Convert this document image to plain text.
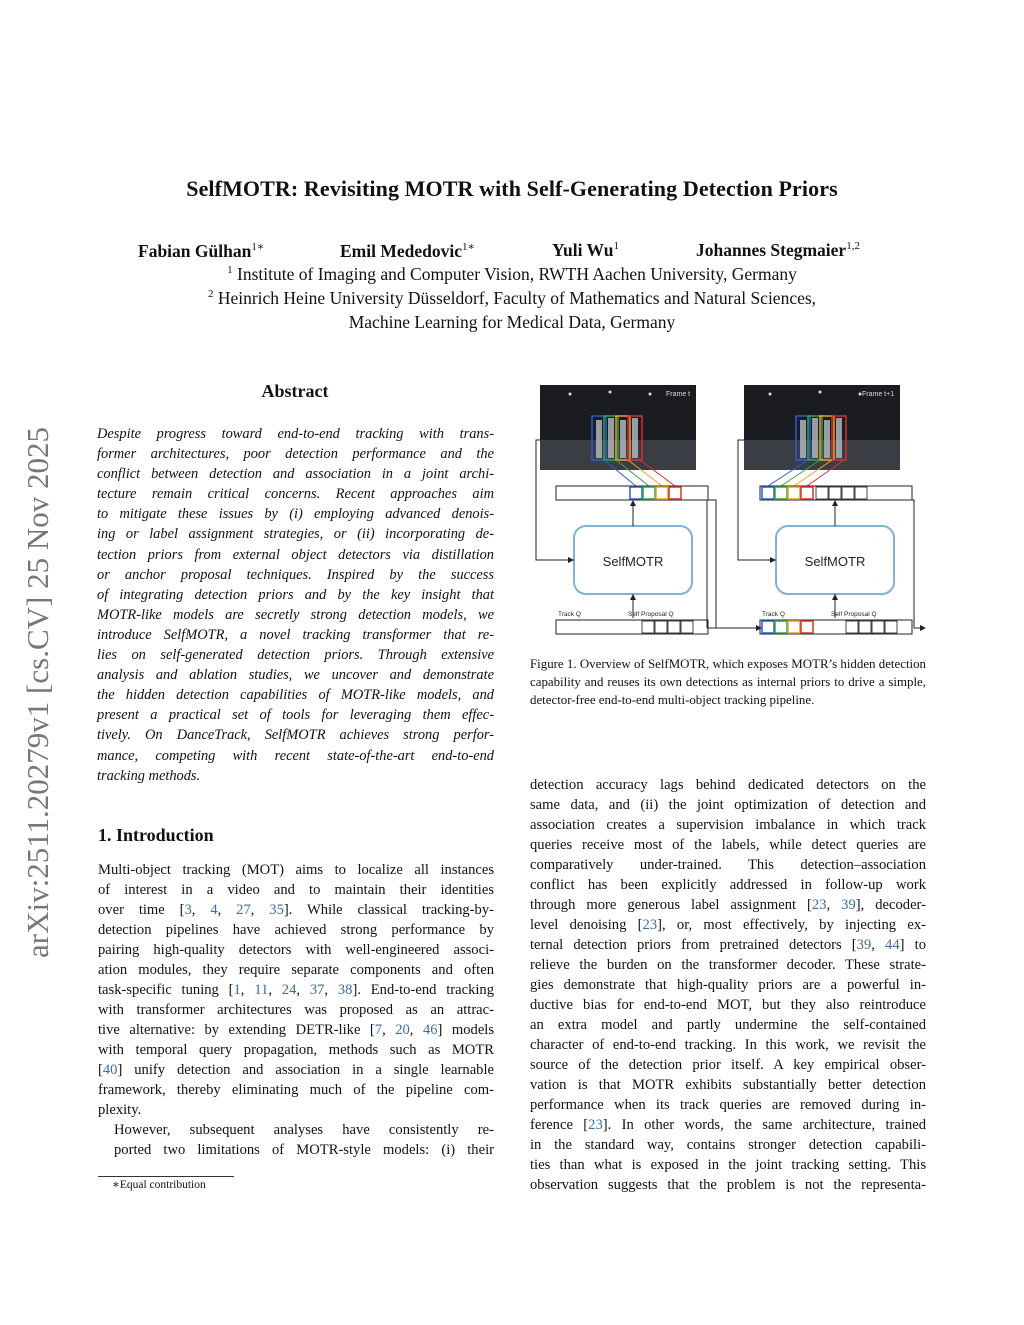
arXiv:2511.20279v1 [cs.CV] 25 Nov 2025
SelfMOTR: Revisiting MOTR with Self-Generating Detection Priors
Fabian Gülhan$^{1∗}$	Emil Mededovic$^{1∗}$	Yuli Wu$^1$	Johannes Stegmaier$^{1,2}$
$^1$ Institute of Imaging and Computer Vision, RWTH Aachen University, Germany
$^2$ Heinrich Heine University Düsseldorf, Faculty of Mathematics and Natural Sciences,
Machine Learning for Medical Data, Germany
Abstract
Despite progress toward end-to-end tracking with trans-
former architectures, poor detection performance and the
conflict between detection and association in a joint archi-
tecture remain critical concerns. Recent approaches aim
to mitigate these issues by (i) employing advanced denois-
ing or label assignment strategies, or (ii) incorporating de-
tection priors from external object detectors via distillation
or anchor proposal techniques. Inspired by the success
of integrating detection priors and by the key insight that
MOTR-like models are secretly strong detection models, we
introduce SelfMOTR, a novel tracking transformer that re-
lies on self-generated detection priors. Through extensive
analysis and ablation studies, we uncover and demonstrate
the hidden detection capabilities of MOTR-like models, and
present a practical set of tools for leveraging them effec-
tively. On DanceTrack, SelfMOTR achieves strong perfor-
mance, competing with recent state-of-the-art end-to-end
tracking methods.
1. Introduction
Multi-object tracking (MOT) aims to localize all instances
of interest in a video and to maintain their identities
over time [3, 4, 27, 35]. While classical tracking-by-
detection pipelines have achieved strong performance by
pairing high-quality detectors with well-engineered associ-
ation modules, they require separate components and often
task-specific tuning [1, 11, 24, 37, 38]. End-to-end tracking
with transformer architectures was proposed as an attrac-
tive alternative: by extending DETR-like [7, 20, 46] models
with temporal query propagation, methods such as MOTR
[40] unify detection and association in a single learnable
framework, thereby eliminating much of the pipeline com-
plexity.
However, subsequent analyses have consistently re-
ported two limitations of MOTR-style models: (i) their
∗Equal contribution
Frame t	Frame t+1
SelfMOTR	SelfMOTR
Track Q	Self Proposal Q	Track Q	Self Proposal Q
Figure 1. Overview of SelfMOTR, which exposes MOTR’s hidden detection capability and reuses its own detections as internal priors to drive a simple, detector-free end-to-end multi-object tracking pipeline.
detection accuracy lags behind dedicated detectors on the
same data, and (ii) the joint optimization of detection and
association creates a supervision imbalance in which track
queries receive most of the labels, while detect queries are
comparatively under-trained. This detection–association
conflict has been explicitly addressed in follow-up work
through more generous label assignment [23, 39], decoder-
level denoising [23], or, most effectively, by injecting ex-
ternal detection priors from pretrained detectors [39, 44] to
relieve the burden on the transformer decoder. These strate-
gies demonstrate that high-quality priors are a powerful in-
ductive bias for end-to-end MOT, but they also reintroduce
an extra model and partly undermine the self-contained
character of end-to-end tracking. In this work, we revisit the
source of the detection prior itself. A key empirical obser-
vation is that MOTR exhibits substantially better detection
performance when its track queries are removed during in-
ference [23]. In other words, the same architecture, trained
in the standard way, contains stronger detection capabili-
ties than what is exposed in the joint tracking setting. This
observation suggests that the problem is not the representa-
